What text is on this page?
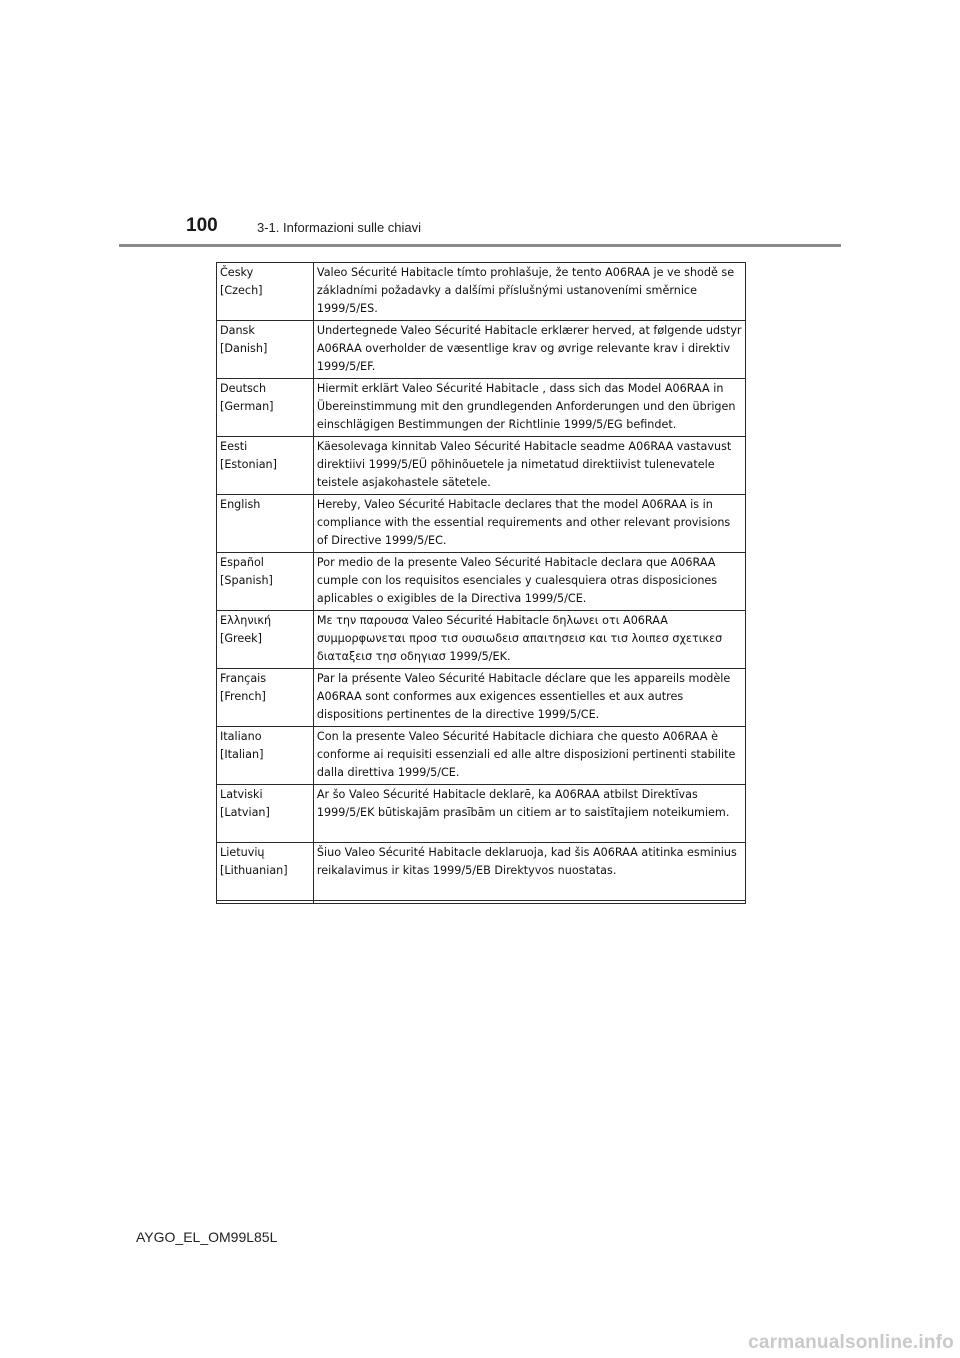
100	3-1. Informazioni sulle chiavi
Česky
[Czech]	Valeo Sécurité Habitacle tímto prohlašuje, že tento A06RAA je ve shodě se základními požadavky a dalšími příslušnými ustanoveními směrnice 1999/5/ES.

Dansk
[Danish]	Undertegnede Valeo Sécurité Habitacle erklærer herved, at følgende udstyr A06RAA overholder de væsentlige krav og øvrige relevante krav i direktiv 1999/5/EF.

Deutsch
[German]	Hiermit erklärt Valeo Sécurité Habitacle , dass sich das Model A06RAA in Übereinstimmung mit den grundlegenden Anforderungen und den übrigen einschlägigen Bestimmungen der Richtlinie 1999/5/EG befindet.

Eesti
[Estonian]	Käesolevaga kinnitab Valeo Sécurité Habitacle seadme A06RAA vastavust direktiivi 1999/5/EÜ põhinõuetele ja nimetatud direktiivist tulenevatele teistele asjakohastele sätetele.

English	Hereby, Valeo Sécurité Habitacle declares that the model A06RAA is in compliance with the essential requirements and other relevant provisions of Directive 1999/5/EC.

Español
[Spanish]	Por medio de la presente Valeo Sécurité Habitacle declara que A06RAA cumple con los requisitos esenciales y cualesquiera otras disposiciones aplicables o exigibles de la Directiva 1999/5/CE.

Ελληνική
[Greek]	Με την παρουσα Valeo Sécurité Habitacle δηλωνει οτι A06RAA συμμορφωνεται προσ τισ ουσιωδεισ απαιτησεισ και τισ λοιπεσ σχετικεσ διαταξεισ τησ οδηγιασ 1999/5/ΕΚ.

Français
[French]	Par la présente Valeo Sécurité Habitacle déclare que les appareils modèle A06RAA sont conformes aux exigences essentielles et aux autres dispositions pertinentes de la directive 1999/5/CE.

Italiano
[Italian]	Con la presente Valeo Sécurité Habitacle dichiara che questo A06RAA è conforme ai requisiti essenziali ed alle altre disposizioni pertinenti stabilite dalla direttiva 1999/5/CE.

Latviski
[Latvian]	Ar šo Valeo Sécurité Habitacle deklarē, ka A06RAA atbilst Direktīvas 1999/5/EK būtiskajām prasībām un citiem ar to saistītajiem noteikumiem.

Lietuvių
[Lithuanian]	Šiuo Valeo Sécurité Habitacle deklaruoja, kad šis A06RAA atitinka esminius reikalavimus ir kitas 1999/5/EB Direktyvos nuostatas.

AYGO_EL_OM99L85L
carmanualsonline.info
